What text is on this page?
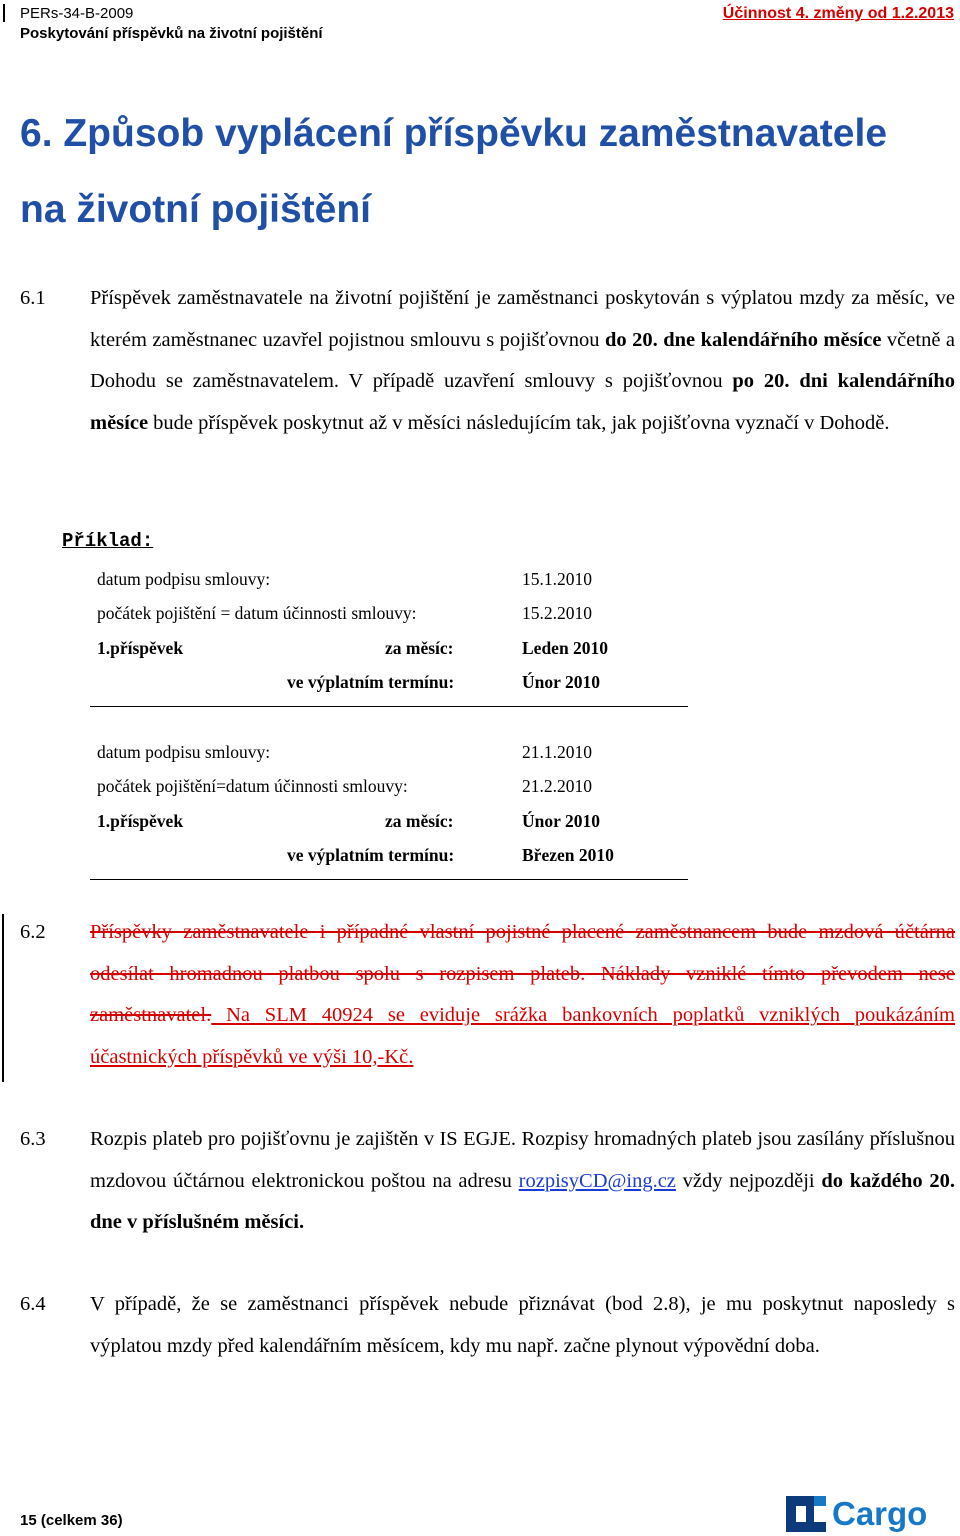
PERs-34-B-2009
Poskytování příspěvků na životní pojištění
Účinnost 4. změny od 1.2.2013
6. Způsob vyplácení příspěvku zaměstnavatele
na životní pojištění
6.1 Příspěvek zaměstnavatele na životní pojištění je zaměstnanci poskytován s výplatou mzdy za měsíc, ve kterém zaměstnanec uzavřel pojistnou smlouvu s pojišťovnou do 20. dne kalendářního měsíce včetně a Dohodu se zaměstnavatelem. V případě uzavření smlouvy s pojišťovnou po 20. dni kalendářního měsíce bude příspěvek poskytnut až v měsíci následujícím tak, jak pojišťovna vyznačí v Dohodě.
Příklad:
datum podpisu smlouvy:	15.1.2010
počátek pojištění = datum účinnosti smlouvy:	15.2.2010
1.příspěvek	za měsíc:	Leden 2010
ve výplatním termínu:	Únor 2010
datum podpisu smlouvy:	21.1.2010
počátek pojištění=datum účinnosti smlouvy:	21.2.2010
1.příspěvek	za měsíc:	Únor 2010
ve výplatním termínu:	Březen 2010
6.2 Příspěvky zaměstnavatele i případné vlastní pojistné placené zaměstnancem bude mzdová účtárna odesílat hromadnou platbou spolu s rozpisem plateb. Náklady vzniklé tímto převodem nese zaměstnavatel. Na SLM 40924 se eviduje srážka bankovních poplatků vzniklých poukázáním účastnických příspěvků ve výši 10,-Kč.
6.3 Rozpis plateb pro pojišťovnu je zajištěn v IS EGJE. Rozpisy hromadných plateb jsou zasílány příslušnou mzdovou účtárnou elektronickou poštou na adresu rozpisyCD@ing.cz vždy nejpozději do každého 20. dne v příslušném měsíci.
6.4 V případě, že se zaměstnanci příspěvek nebude přiznávat (bod 2.8), je mu poskytnut naposledy s výplatou mzdy před kalendářním měsícem, kdy mu např. začne plynout výpovědní doba.
15 (celkem 36)	Cargo
